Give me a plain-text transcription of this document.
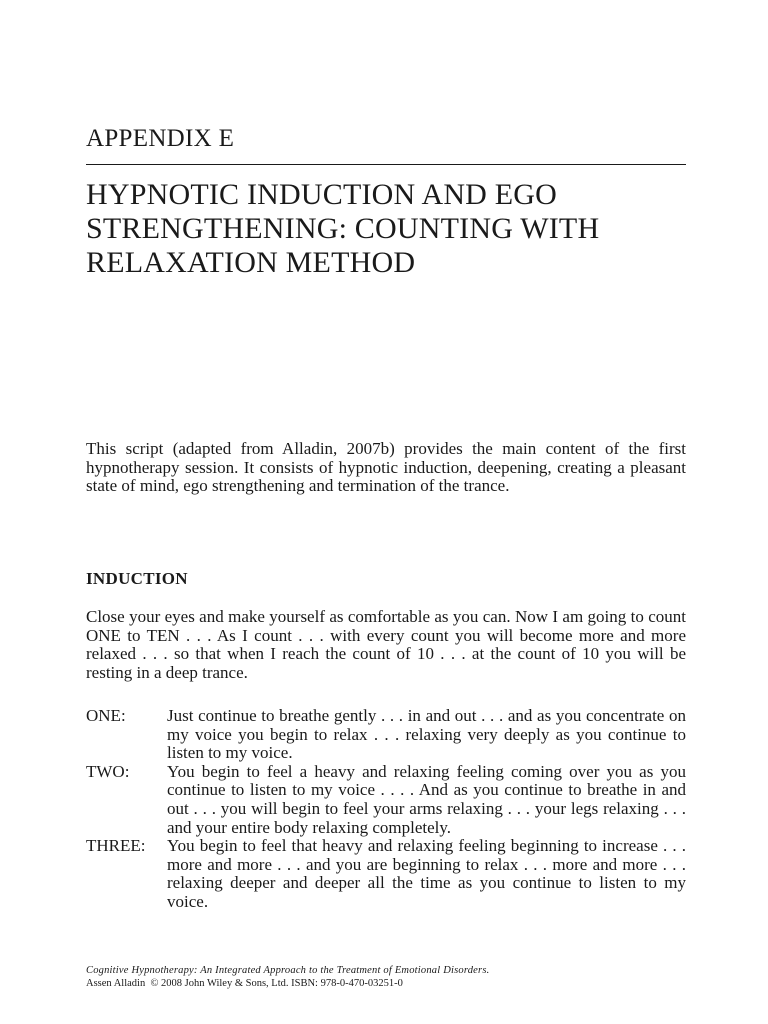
APPENDIX E
HYPNOTIC INDUCTION AND EGO
STRENGTHENING: COUNTING WITH
RELAXATION METHOD

This script (adapted from Alladin, 2007b) provides the main content of the first hypnotherapy session. It consists of hypnotic induction, deepening, creating a pleasant state of mind, ego strengthening and termination of the trance.

INDUCTION

Close your eyes and make yourself as comfortable as you can. Now I am going to count ONE to TEN . . . As I count . . . with every count you will become more and more relaxed . . . so that when I reach the count of 10 . . . at the count of 10 you will be resting in a deep trance.

ONE:	Just continue to breathe gently . . . in and out . . . and as you concentrate on my voice you begin to relax . . . relaxing very deeply as you continue to listen to my voice.
TWO:	You begin to feel a heavy and relaxing feeling coming over you as you continue to listen to my voice . . . . And as you continue to breathe in and out . . . you will begin to feel your arms relaxing . . . your legs relaxing . . . and your entire body relaxing completely.
THREE:	You begin to feel that heavy and relaxing feeling beginning to increase . . . more and more . . . and you are beginning to relax . . . more and more . . . relaxing deeper and deeper all the time as you continue to listen to my voice.
Cognitive Hypnotherapy: An Integrated Approach to the Treatment of Emotional Disorders.
Assen Alladin  © 2008 John Wiley & Sons, Ltd. ISBN: 978-0-470-03251-0
